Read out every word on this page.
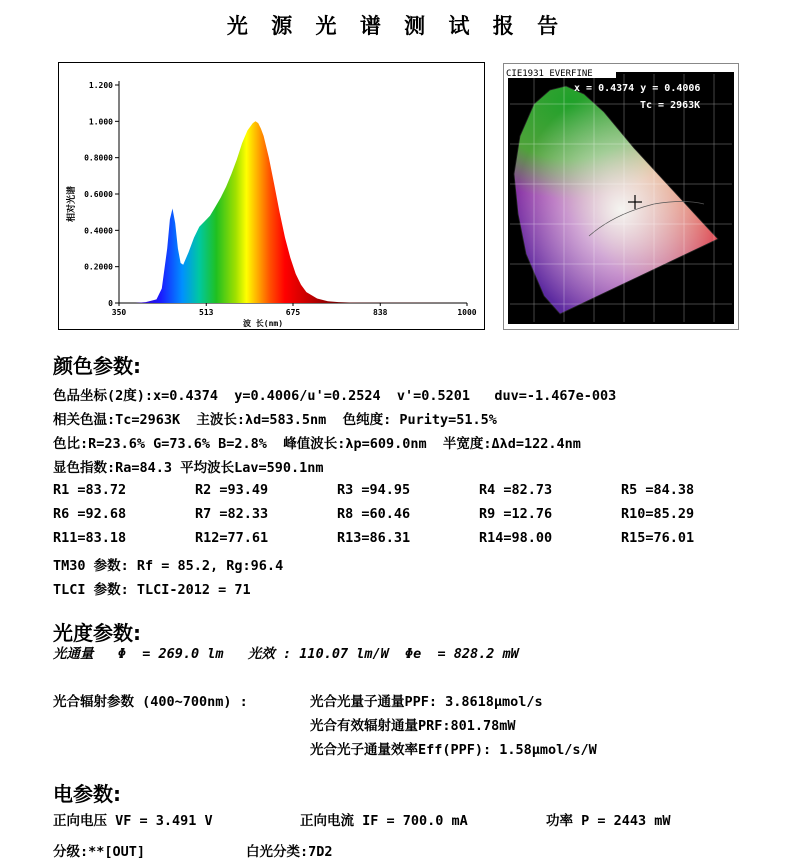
光 源 光 谱 测 试 报 告
0
0.2000
0.4000
0.6000
0.8000
1.000
1.200
350	513	675	838	1000
波 长(nm)
相对光谱
CIE1931 EVERFINE
x = 0.4374 y = 0.4006
Tc = 2963K
颜色参数:
色品坐标(2度):x=0.4374  y=0.4006/u'=0.2524  v'=0.5201   duv=-1.467e-003
相关色温:Tc=2963K  主波长:λd=583.5nm  色纯度: Purity=51.5%
色比:R=23.6% G=73.6% B=2.8%  峰值波长:λp=609.0nm  半宽度:Δλd=122.4nm
显色指数:Ra=84.3 平均波长Lav=590.1nm
R1 =83.72	R2 =93.49	R3 =94.95	R4 =82.73	R5 =84.38
R6 =92.68	R7 =82.33	R8 =60.46	R9 =12.76	R10=85.29
R11=83.18	R12=77.61	R13=86.31	R14=98.00	R15=76.01
TM30 参数: Rf = 85.2, Rg:96.4
TLCI 参数: TLCI-2012 = 71
光度参数:
光通量   Φ  = 269.0 lm   光效 : 110.07 lm/W  Φe  = 828.2 mW
光合辐射参数 (400~700nm) :	光合光量子通量PPF: 3.8618μmol/s
光合有效辐射通量PRF:801.78mW
光合光子通量效率Eff(PPF): 1.58μmol/s/W
电参数:
正向电压 VF = 3.491 V	正向电流 IF = 700.0 mA	功率 P = 2443 mW
分级:**[OUT]	白光分类:7D2
